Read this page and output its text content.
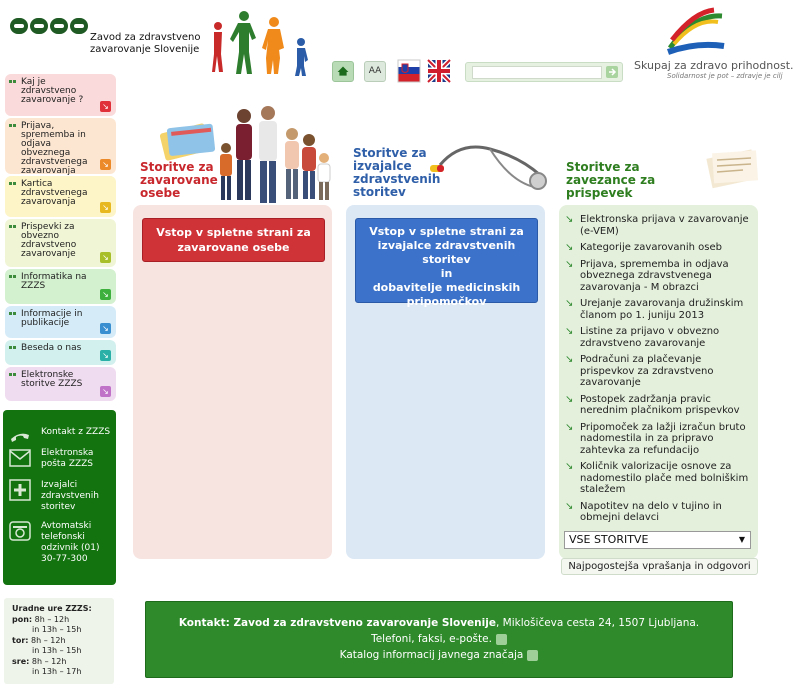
Zavod za zdravstveno
zavarovanje Slovenije
AA	Skupaj za zdravo prihodnost.
Solidarnost je pot – zdravje je cilj
Kaj je zdravstveno zavarovanje ?
↘
Prijava, sprememba in odjava obveznega zdravstvenega zavarovanja
↘
Kartica zdravstvenega zavarovanja
↘
Prispevki za obvezno zdravstveno zavarovanje	↘
Informatika na ZZZS
↘
Informacije in publikacije
↘
Beseda o nas
↘
Elektronske storitve ZZZS
↘
Kontakt z ZZZS
Elektronska pošta ZZZS
Izvajalci zdravstvenih storitev
Avtomatski telefonski odzivnik (01) 30-77-300
Uradne ure ZZZS:
pon: 8h – 12h
in 13h – 15h
tor: 8h – 12h
in 13h – 15h
sre: 8h – 12h
in 13h – 17h
Storitve za
zavarovane
osebe
Vstop v spletne strani za
zavarovane osebe
Storitve za
izvajalce
zdravstvenih
storitev
Vstop v spletne strani za
izvajalce zdravstvenih storitev
in
dobavitelje medicinskih
pripomočkov
Storitve za
zavezance za
prispevek
↘ Elektronska prijava v zavarovanje (e-VEM)
↘ Kategorije zavarovanih oseb
↘ Prijava, sprememba in odjava obveznega zdravstvenega zavarovanja - M obrazci
↘ Urejanje zavarovanja družinskim članom po 1. juniju 2013
↘ Listine za prijavo v obvezno zdravstveno zavarovanje
↘ Podračuni za plačevanje prispevkov za zdravstveno zavarovanje
↘ Postopek zadržanja pravic nerednim plačnikom prispevkov
↘ Pripomoček za lažji izračun bruto nadomestila in za pripravo zahtevka za refundacijo
↘ Količnik valorizacije osnove za nadomestilo plače med bolniškim staležem
↘ Napotitev na delo v tujino in obmejni delavci
VSE STORITVE	▼
Najpogostejša vprašanja in odgovori
Kontakt: Zavod za zdravstveno zavarovanje Slovenije, Miklošičeva cesta 24, 1507 Ljubljana.
Telefoni, faksi, e-pošte.
Katalog informacij javnega značaja
